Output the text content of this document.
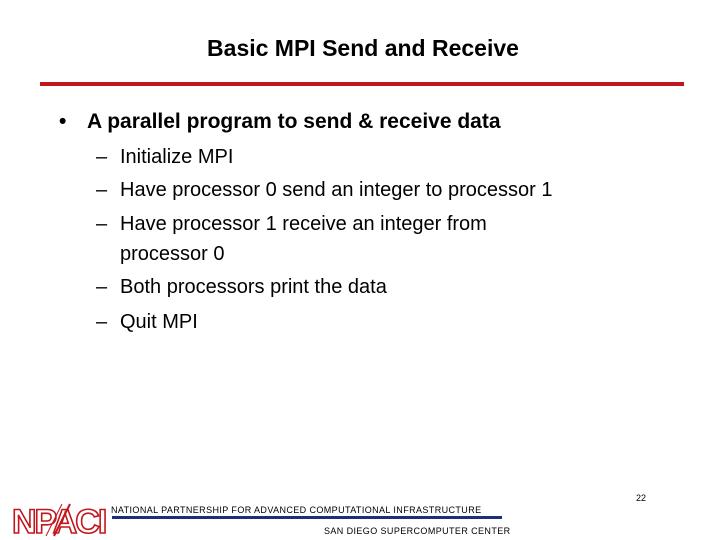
Basic MPI Send and Receive
• A parallel program to send & receive data
– Initialize MPI
– Have processor 0 send an integer to processor 1
– Have processor 1 receive an integer from
processor 0
– Both processors print the data
– Quit MPI
NPACI NATIONAL PARTNERSHIP FOR ADVANCED COMPUTATIONAL INFRASTRUCTURE
SAN DIEGO SUPERCOMPUTER CENTER
22
